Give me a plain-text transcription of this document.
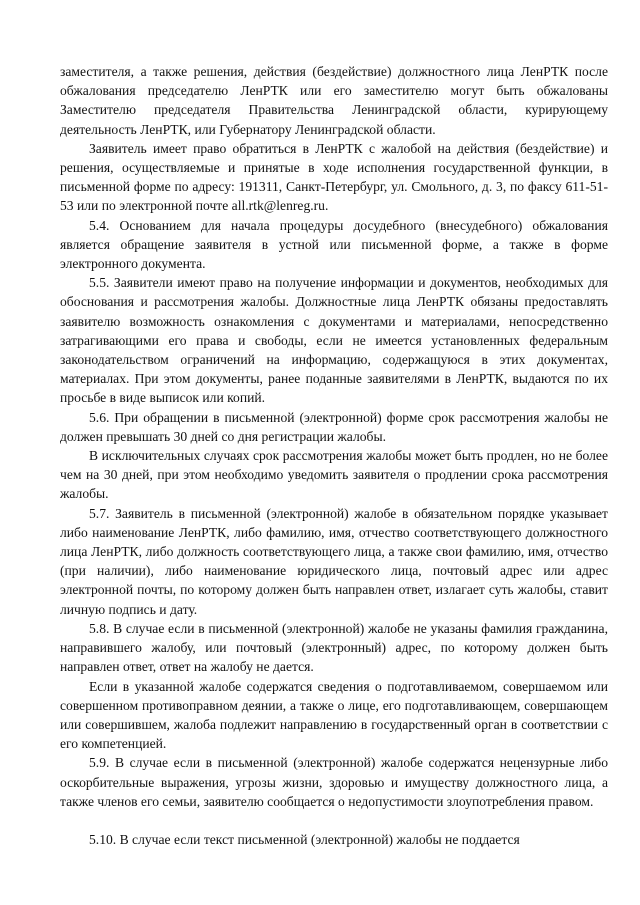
заместителя, а также решения, действия (бездействие) должностного лица ЛенРТК после обжалования председателю ЛенРТК или его заместителю могут быть обжалованы Заместителю председателя Правительства Ленинградской области, курирующему деятельность ЛенРТК, или Губернатору Ленинградской области.

Заявитель имеет право обратиться в ЛенРТК с жалобой на действия (бездействие) и решения, осуществляемые и принятые в ходе исполнения государственной функции, в письменной форме по адресу: 191311, Санкт-Петербург, ул. Смольного, д. 3, по факсу 611-51-53 или по электронной почте all.rtk@lenreg.ru.

5.4. Основанием для начала процедуры досудебного (внесудебного) обжалования является обращение заявителя в устной или письменной форме, а также в форме электронного документа.

5.5. Заявители имеют право на получение информации и документов, необходимых для обоснования и рассмотрения жалобы. Должностные лица ЛенРТК обязаны предоставлять заявителю возможность ознакомления с документами и материалами, непосредственно затрагивающими его права и свободы, если не имеется установленных федеральным законодательством ограничений на информацию, содержащуюся в этих документах, материалах. При этом документы, ранее поданные заявителями в ЛенРТК, выдаются по их просьбе в виде выписок или копий.

5.6. При обращении в письменной (электронной) форме срок рассмотрения жалобы не должен превышать 30 дней со дня регистрации жалобы.

В исключительных случаях срок рассмотрения жалобы может быть продлен, но не более чем на 30 дней, при этом необходимо уведомить заявителя о продлении срока рассмотрения жалобы.

5.7. Заявитель в письменной (электронной) жалобе в обязательном порядке указывает либо наименование ЛенРТК, либо фамилию, имя, отчество соответствующего должностного лица ЛенРТК, либо должность соответствующего лица, а также свои фамилию, имя, отчество (при наличии), либо наименование юридического лица, почтовый адрес или адрес электронной почты, по которому должен быть направлен ответ, излагает суть жалобы, ставит личную подпись и дату.

5.8. В случае если в письменной (электронной) жалобе не указаны фамилия гражданина, направившего жалобу, или почтовый (электронный) адрес, по которому должен быть направлен ответ, ответ на жалобу не дается.

Если в указанной жалобе содержатся сведения о подготавливаемом, совершаемом или совершенном противоправном деянии, а также о лице, его подготавливающем, совершающем или совершившем, жалоба подлежит направлению в государственный орган в соответствии с его компетенцией.

5.9. В случае если в письменной (электронной) жалобе содержатся нецензурные либо оскорбительные выражения, угрозы жизни, здоровью и имуществу должностного лица, а также членов его семьи, заявителю сообщается о недопустимости злоупотребления правом.

5.10. В случае если текст письменной (электронной) жалобы не поддается
